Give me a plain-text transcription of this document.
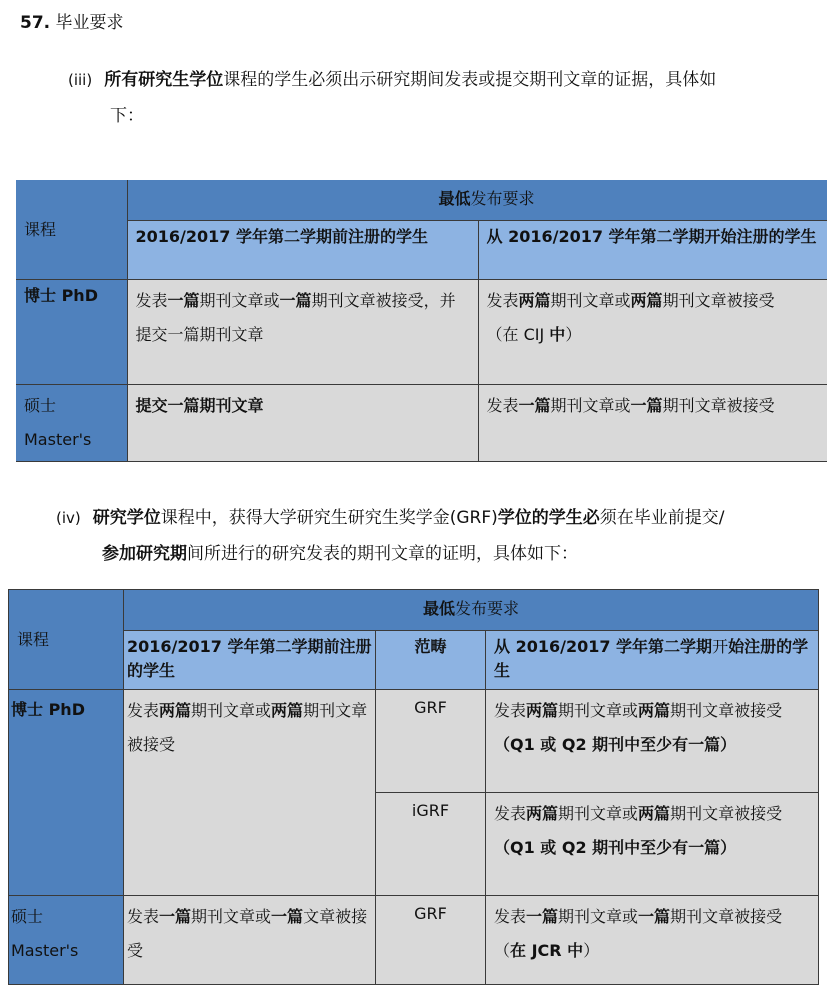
57. 毕业要求
(iii) 所有研究生学位课程的学生必须出示研究期间发表或提交期刊文章的证据，具体如
下：
课程	最低发布要求	
	2016/2017 学年第二学期前注册的学生	从 2016/2017 学年第二学期开始注册的学生
博士 PhD	发表一篇期刊文章或一篇期刊文章被接受，并提交一篇期刊文章	发表两篇期刊文章或两篇期刊文章被接受
（在 CIJ 中）
硕士
Master's	提交一篇期刊文章	发表一篇期刊文章或一篇期刊文章被接受
(iv) 研究学位课程中，获得大学研究生研究生奖学金(GRF)学位的学生必须在毕业前提交/
参加研究期间所进行的研究发表的期刊文章的证明，具体如下：
课程	最低发布要求		
	2016/2017 学年第二学期前注册的学生	范畴	从 2016/2017 学年第二学期开始注册的学生
博士 PhD	发表两篇期刊文章或两篇期刊文章被接受	GRF	发表两篇期刊文章或两篇期刊文章被接受
（Q1 或 Q2 期刊中至少有一篇）
		iGRF	发表两篇期刊文章或两篇期刊文章被接受
（Q1 或 Q2 期刊中至少有一篇）
硕士
Master's	发表一篇期刊文章或一篇文章被接受	GRF	发表一篇期刊文章或一篇期刊文章被接受（在 JCR 中）
